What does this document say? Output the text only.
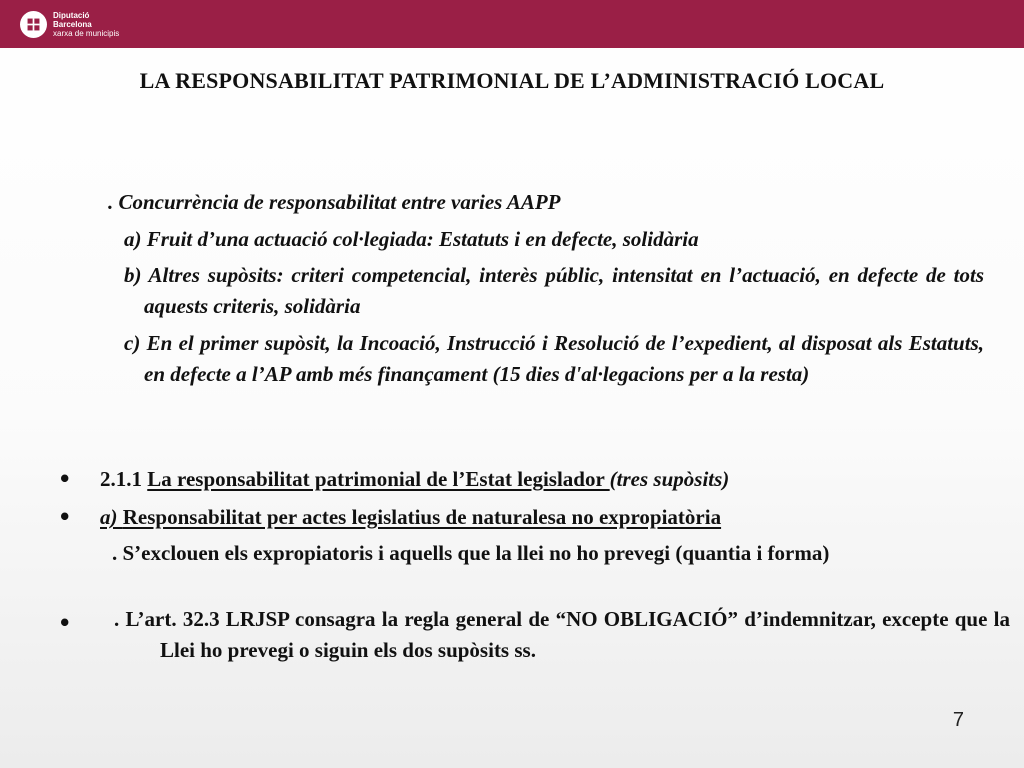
Diputació
Barcelona
xarxa de municipis
LA RESPONSABILITAT PATRIMONIAL DE L’ADMINISTRACIÓ LOCAL
. Concurrència de responsabilitat entre varies AAPP
a) Fruit d’una actuació col·legiada: Estatuts i en defecte, solidària
b) Altres supòsits: criteri competencial, interès públic, intensitat en l’actuació, en defecte de tots aquests criteris, solidària
c) En el primer supòsit, la Incoació, Instrucció i Resolució de l’expedient, al disposat als Estatuts, en defecte a l’AP amb més finançament (15 dies d'al·legacions per a la resta)
• 2.1.1 La responsabilitat patrimonial de l’Estat legislador (tres supòsits)
• a) Responsabilitat per actes legislatius de naturalesa no expropiatòria
. S’exclouen els expropiatoris i aquells que la llei no ho prevegi (quantia i forma)
• . L’art. 32.3 LRJSP consagra la regla general de “NO OBLIGACIÓ” d’indemnitzar, excepte que la Llei ho prevegi o siguin els dos supòsits ss.
7
